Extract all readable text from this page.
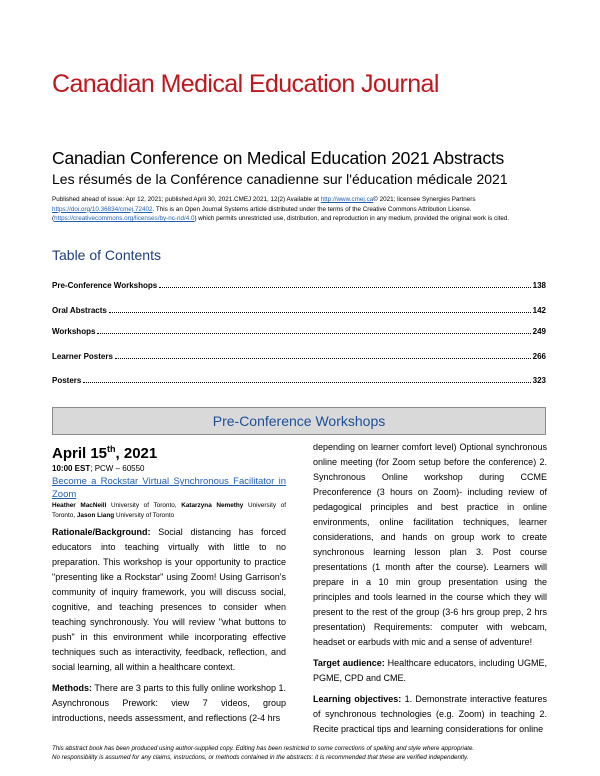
Canadian Medical Education Journal
Canadian Conference on Medical Education 2021 Abstracts
Les résumés de la Conférence canadienne sur l'éducation médicale 2021

Published ahead of issue: Apr 12, 2021; published April 30, 2021.CMEJ 2021, 12(2) Available at http://www.cmej.ca© 2021; licensee Synergies Partners https://doi.org/10.36834/cmej.72402. This is an Open Journal Systems article distributed under the terms of the Creative Commons Attribution License. (https://creativecommons.org/licenses/by-nc-nd/4.0) which permits unrestricted use, distribution, and reproduction in any medium, provided the original work is cited.

Table of Contents
Pre-Conference Workshops	138
Oral Abstracts	142
Workshops	249
Learner Posters	266
Posters	323
Pre-Conference Workshops

April 15th, 2021

10:00 EST; PCW – 60550

Become a Rockstar Virtual Synchronous Facilitator in Zoom

Heather MacNeill University of Toronto, Katarzyna Nemethy University of Toronto, Jason Liang University of Toronto

Rationale/Background: Social distancing has forced educators into teaching virtually with little to no preparation. This workshop is your opportunity to practice "presenting like a Rockstar" using Zoom! Using Garrison's community of inquiry framework, you will discuss social, cognitive, and teaching presences to consider when teaching synchronously. You will review "what buttons to push" in this environment while incorporating effective techniques such as interactivity, feedback, reflection, and social learning, all within a healthcare context.

Methods: There are 3 parts to this fully online workshop 1. Asynchronous Prework: view 7 videos, group introductions, needs assessment, and reflections (2-4 hrs

depending on learner comfort level) Optional synchronous online meeting (for Zoom setup before the conference) 2. Synchronous Online workshop during CCME Preconference (3 hours on Zoom)- including review of pedagogical principles and best practice in online environments, online facilitation techniques, learner considerations, and hands on group work to create synchronous learning lesson plan 3. Post course presentations (1 month after the course). Learners will prepare in a 10 min group presentation using the principles and tools learned in the course which they will present to the rest of the group (3-6 hrs group prep, 2 hrs presentation) Requirements: computer with webcam, headset or earbuds with mic and a sense of adventure!

Target audience: Healthcare educators, including UGME, PGME, CPD and CME.

Learning objectives: 1. Demonstrate interactive features of synchronous technologies (e.g. Zoom) in teaching 2. Recite practical tips and learning considerations for online

This abstract book has been produced using author-supplied copy. Editing has been restricted to some corrections of spelling and style where appropriate.
No responsibility is assumed for any claims, instructions, or methods contained in the abstracts: it is recommended that these are verified independently.
